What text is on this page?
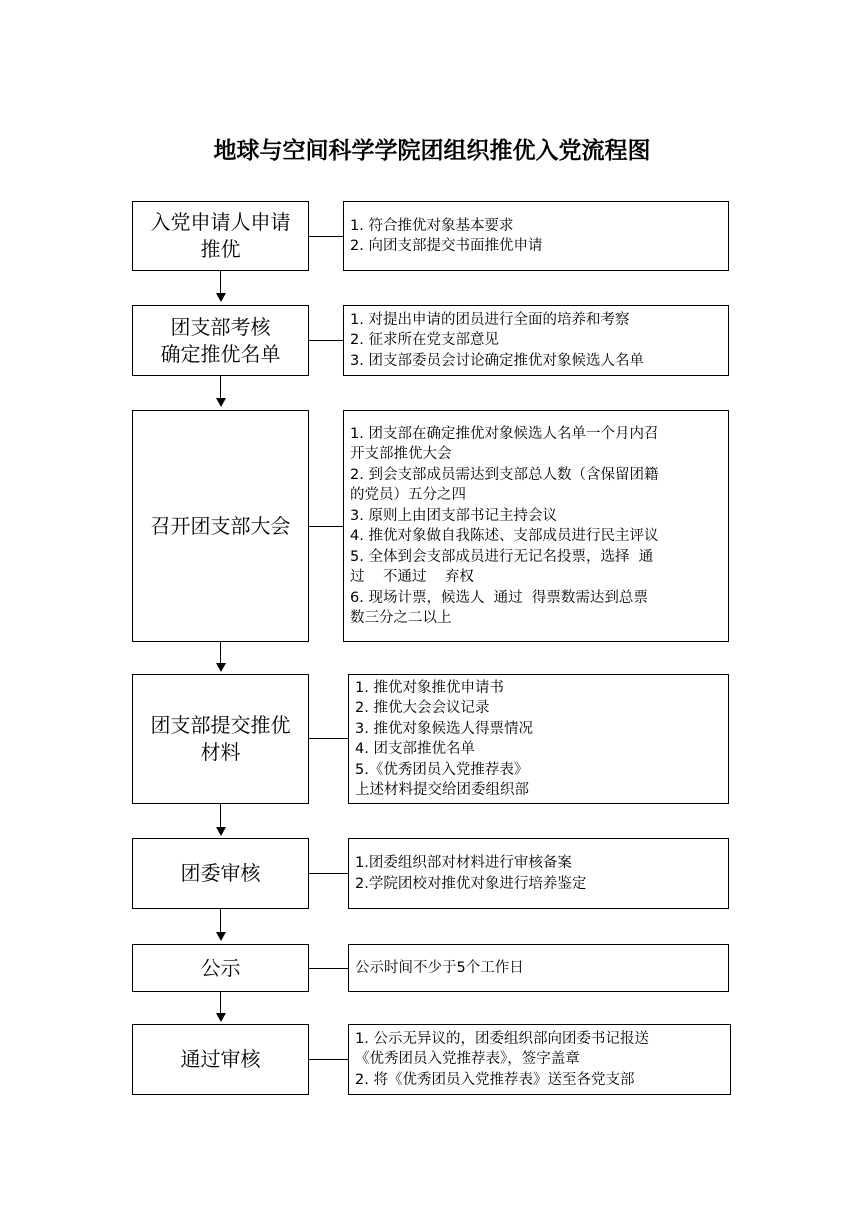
地球与空间科学学院团组织推优入党流程图
入党申请人申请
推优
1. 符合推优对象基本要求
2. 向团支部提交书面推优申请
团支部考核
确定推优名单
1. 对提出申请的团员进行全面的培养和考察
2. 征求所在党支部意见
3. 团支部委员会讨论确定推优对象候选人名单
召开团支部大会
1. 团支部在确定推优对象候选人名单一个月内召
开支部推优大会
2. 到会支部成员需达到支部总人数（含保留团籍
的党员）五分之四
3. 原则上由团支部书记主持会议
4. 推优对象做自我陈述、支部成员进行民主评议
5. 全体到会支部成员进行无记名投票，选择  通
过    不通过    弃权
6. 现场计票，候选人  通过  得票数需达到总票
数三分之二以上
团支部提交推优
材料
1. 推优对象推优申请书
2. 推优大会会议记录
3. 推优对象候选人得票情况
4. 团支部推优名单
5.《优秀团员入党推荐表》
上述材料提交给团委组织部
团委审核	1.团委组织部对材料进行审核备案
2.学院团校对推优对象进行培养鉴定
公示	公示时间不少于5个工作日
通过审核
1. 公示无异议的，团委组织部向团委书记报送
《优秀团员入党推荐表》，签字盖章
2. 将《优秀团员入党推荐表》送至各党支部
